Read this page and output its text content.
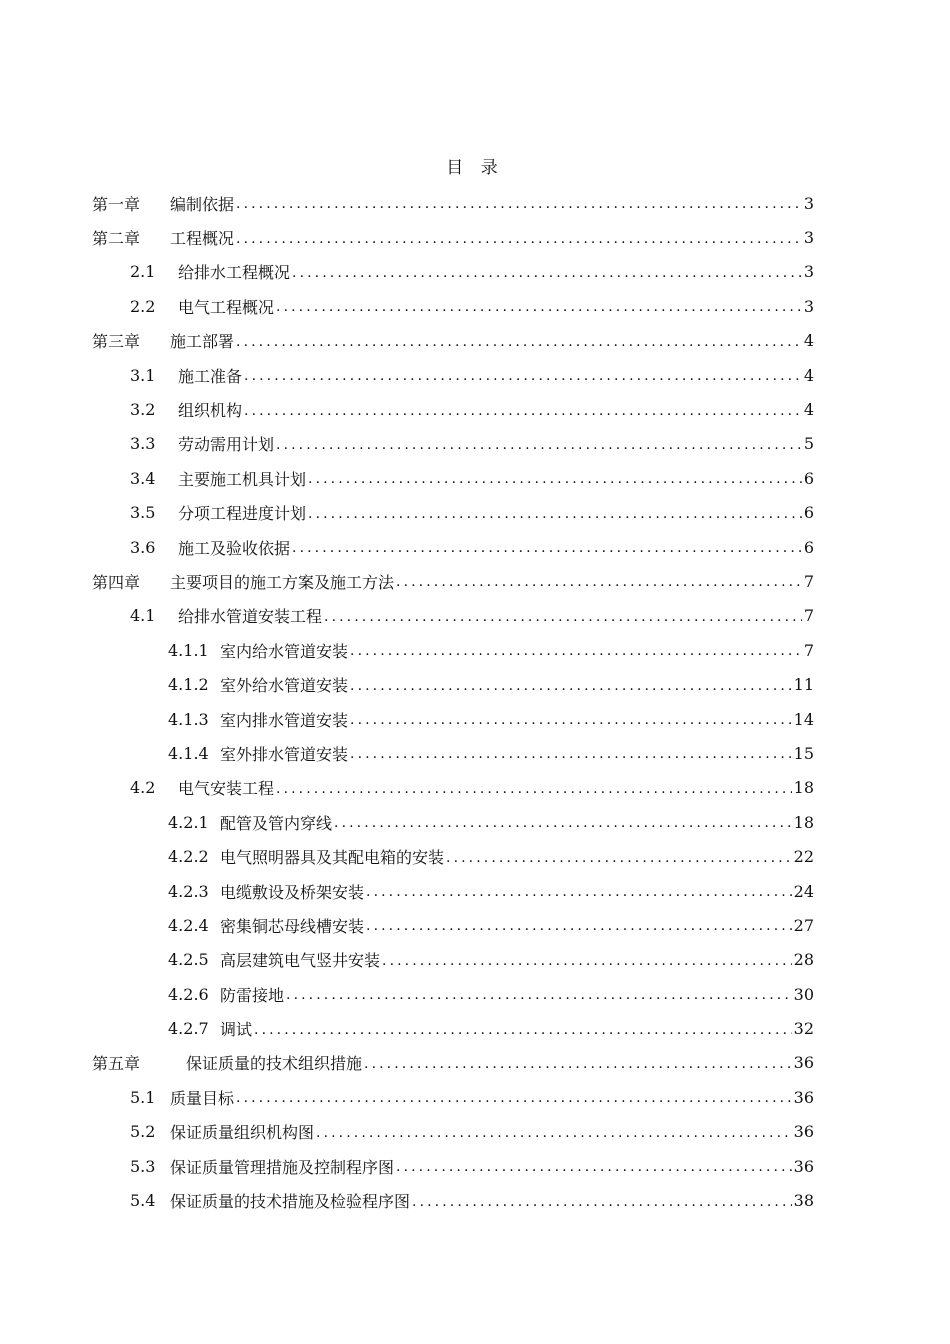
目 录
第一章	编制依据 .....	3
第二章	工程概况 .....	3
2.1	给排水工程概况 .....	3
2.2	电气工程概况 .....	3
第三章	施工部署 .....	4
3.1	施工准备 .....	4
3.2	组织机构 .....	4
3.3	劳动需用计划 .....	5
3.4	主要施工机具计划 .....	6
3.5	分项工程进度计划 .....	6
3.6	施工及验收依据 .....	6
第四章	主要项目的施工方案及施工方法 .....	7
4.1	给排水管道安装工程 .....	7
4.1.1 室内给水管道安装 .....	7
4.1.2 室外给水管道安装 .....	11
4.1.3 室内排水管道安装 .....	14
4.1.4 室外排水管道安装 .....	15
4.2	电气安装工程 .....	18
4.2.1 配管及管内穿线 .....	18
4.2.2 电气照明器具及其配电箱的安装 .....	22
4.2.3 电缆敷设及桥架安装 .....	24
4.2.4 密集铜芯母线槽安装 .....	27
4.2.5 高层建筑电气竖井安装 .....	28
4.2.6 防雷接地 .....	30
4.2.7 调试 .....	32
第五章	保证质量的技术组织措施 .....	36
5.1 质量目标 .....	36
5.2 保证质量组织机构图 .....	36
5.3 保证质量管理措施及控制程序图 .....	36
5.4 保证质量的技术措施及检验程序图 .....	38
